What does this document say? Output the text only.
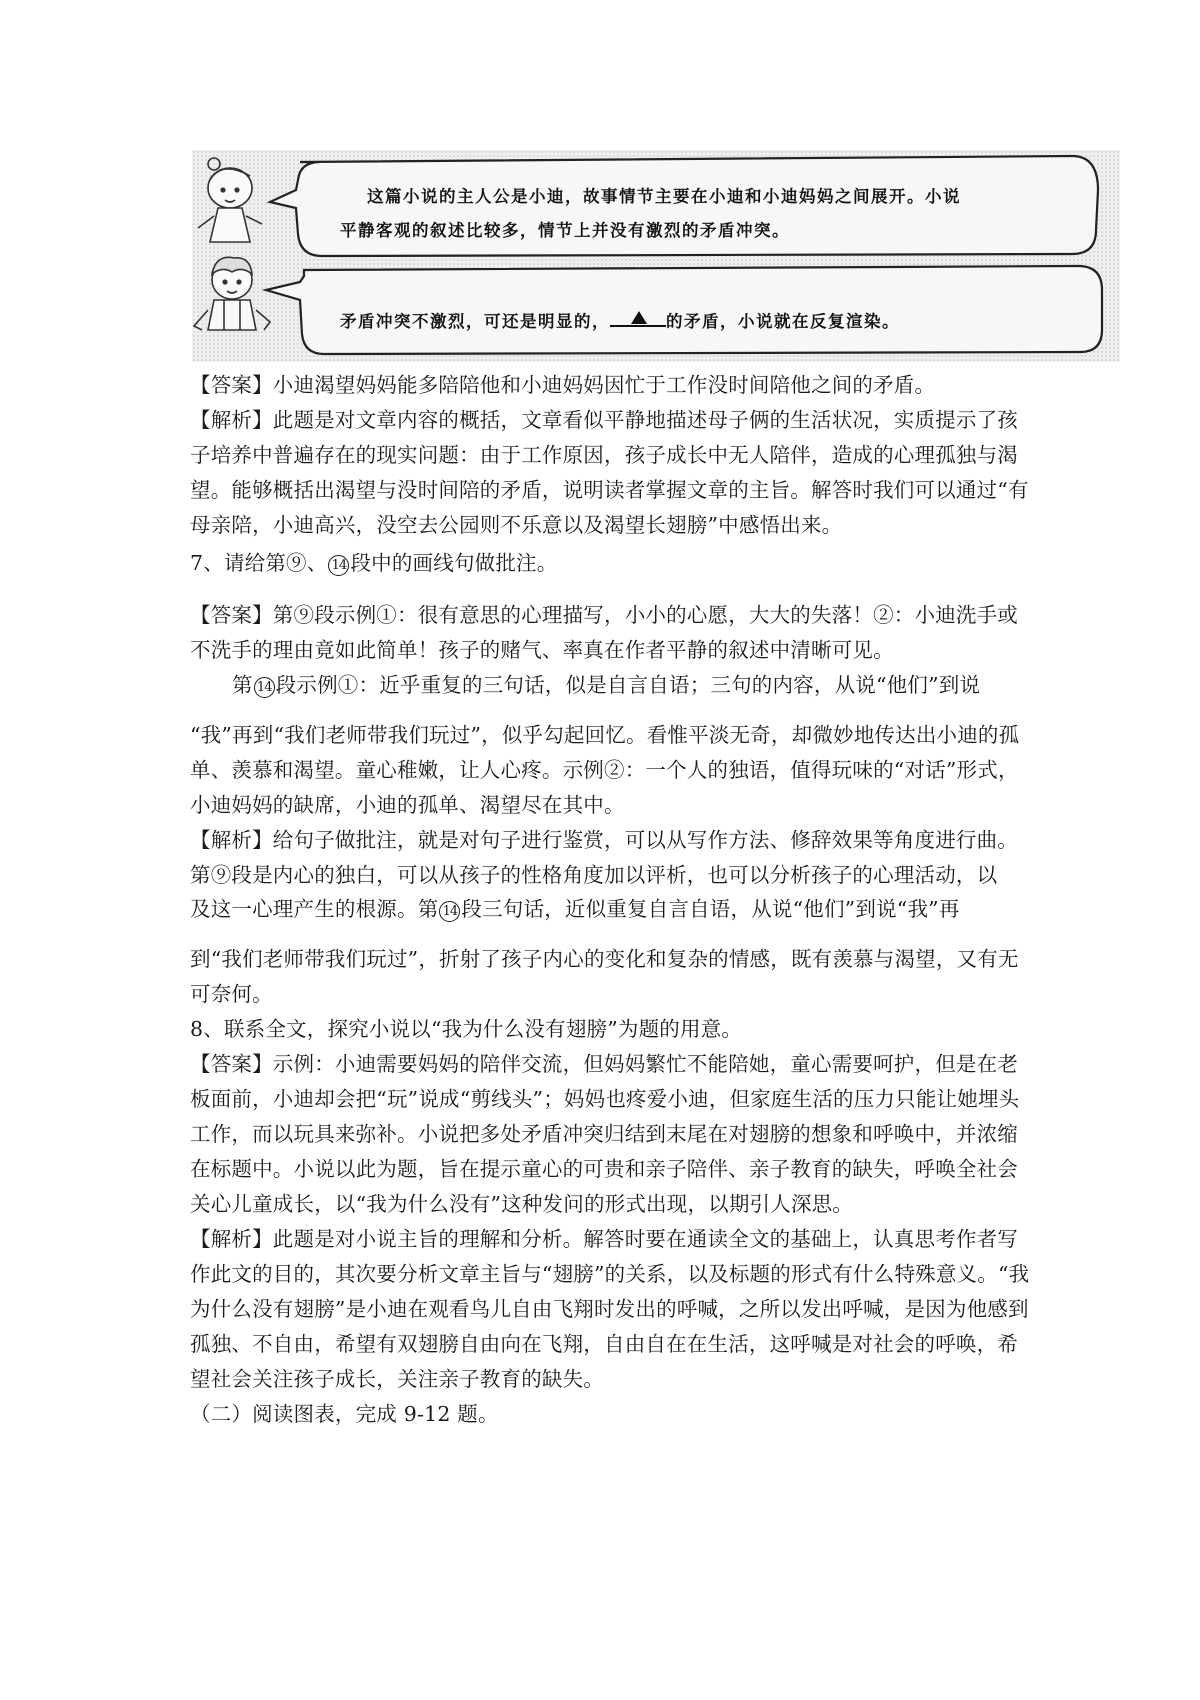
这篇小说的主人公是小迪，故事情节主要在小迪和小迪妈妈之间展开。小说
平静客观的叙述比较多，情节上并没有激烈的矛盾冲突。
矛盾冲突不激烈，可还是明显的，	的矛盾，小说就在反复渲染。

【答案】小迪渴望妈妈能多陪陪他和小迪妈妈因忙于工作没时间陪他之间的矛盾。

【解析】此题是对文章内容的概括，文章看似平静地描述母子俩的生活状况，实质提示了孩子培养中普遍存在的现实问题：由于工作原因，孩子成长中无人陪伴，造成的心理孤独与渴望。能够概括出渴望与没时间陪的矛盾，说明读者掌握文章的主旨。解答时我们可以通过“有母亲陪，小迪高兴，没空去公园则不乐意以及渴望长翅膀”中感悟出来。

7、请给第⑨、 14 段中的画线句做批注。

【答案】第⑨段示例①：很有意思的心理描写，小小的心愿，大大的失落！②：小迪洗手或不洗手的理由竟如此简单！孩子的赌气、率真在作者平静的叙述中清晰可见。

第 14 段示例①：近乎重复的三句话，似是自言自语；三句的内容，从说“他们”到说

“我”再到“我们老师带我们玩过”，似乎勾起回忆。看惟平淡无奇，却微妙地传达出小迪的孤单、羡慕和渴望。童心稚嫩，让人心疼。示例②：一个人的独语，值得玩味的“对话”形式，小迪妈妈的缺席，小迪的孤单、渴望尽在其中。
【解析】给句子做批注，就是对句子进行鉴赏，可以从写作方法、修辞效果等角度进行曲。第⑨段是内心的独白，可以从孩子的性格角度加以评析，也可以分析孩子的心理活动，以

及这一心理产生的根源。第 14 段三句话，近似重复自言自语，从说“他们”到说“我”再

到“我们老师带我们玩过”，折射了孩子内心的变化和复杂的情感，既有羡慕与渴望，又有无可奈何。

8、联系全文，探究小说以“我为什么没有翅膀”为题的用意。

【答案】示例：小迪需要妈妈的陪伴交流，但妈妈繁忙不能陪她，童心需要呵护，但是在老板面前，小迪却会把“玩”说成“剪线头”；妈妈也疼爱小迪，但家庭生活的压力只能让她埋头工作，而以玩具来弥补。小说把多处矛盾冲突归结到末尾在对翅膀的想象和呼唤中，并浓缩在标题中。小说以此为题，旨在提示童心的可贵和亲子陪伴、亲子教育的缺失，呼唤全社会关心儿童成长，以“我为什么没有”这种发问的形式出现，以期引人深思。

【解析】此题是对小说主旨的理解和分析。解答时要在通读全文的基础上，认真思考作者写作此文的目的，其次要分析文章主旨与“翅膀”的关系，以及标题的形式有什么特殊意义。“我为什么没有翅膀”是小迪在观看鸟儿自由飞翔时发出的呼喊，之所以发出呼喊，是因为他感到孤独、不自由，希望有双翅膀自由向在飞翔，自由自在在生活，这呼喊是对社会的呼唤，希望社会关注孩子成长，关注亲子教育的缺失。

（二）阅读图表，完成 9-12 题。
